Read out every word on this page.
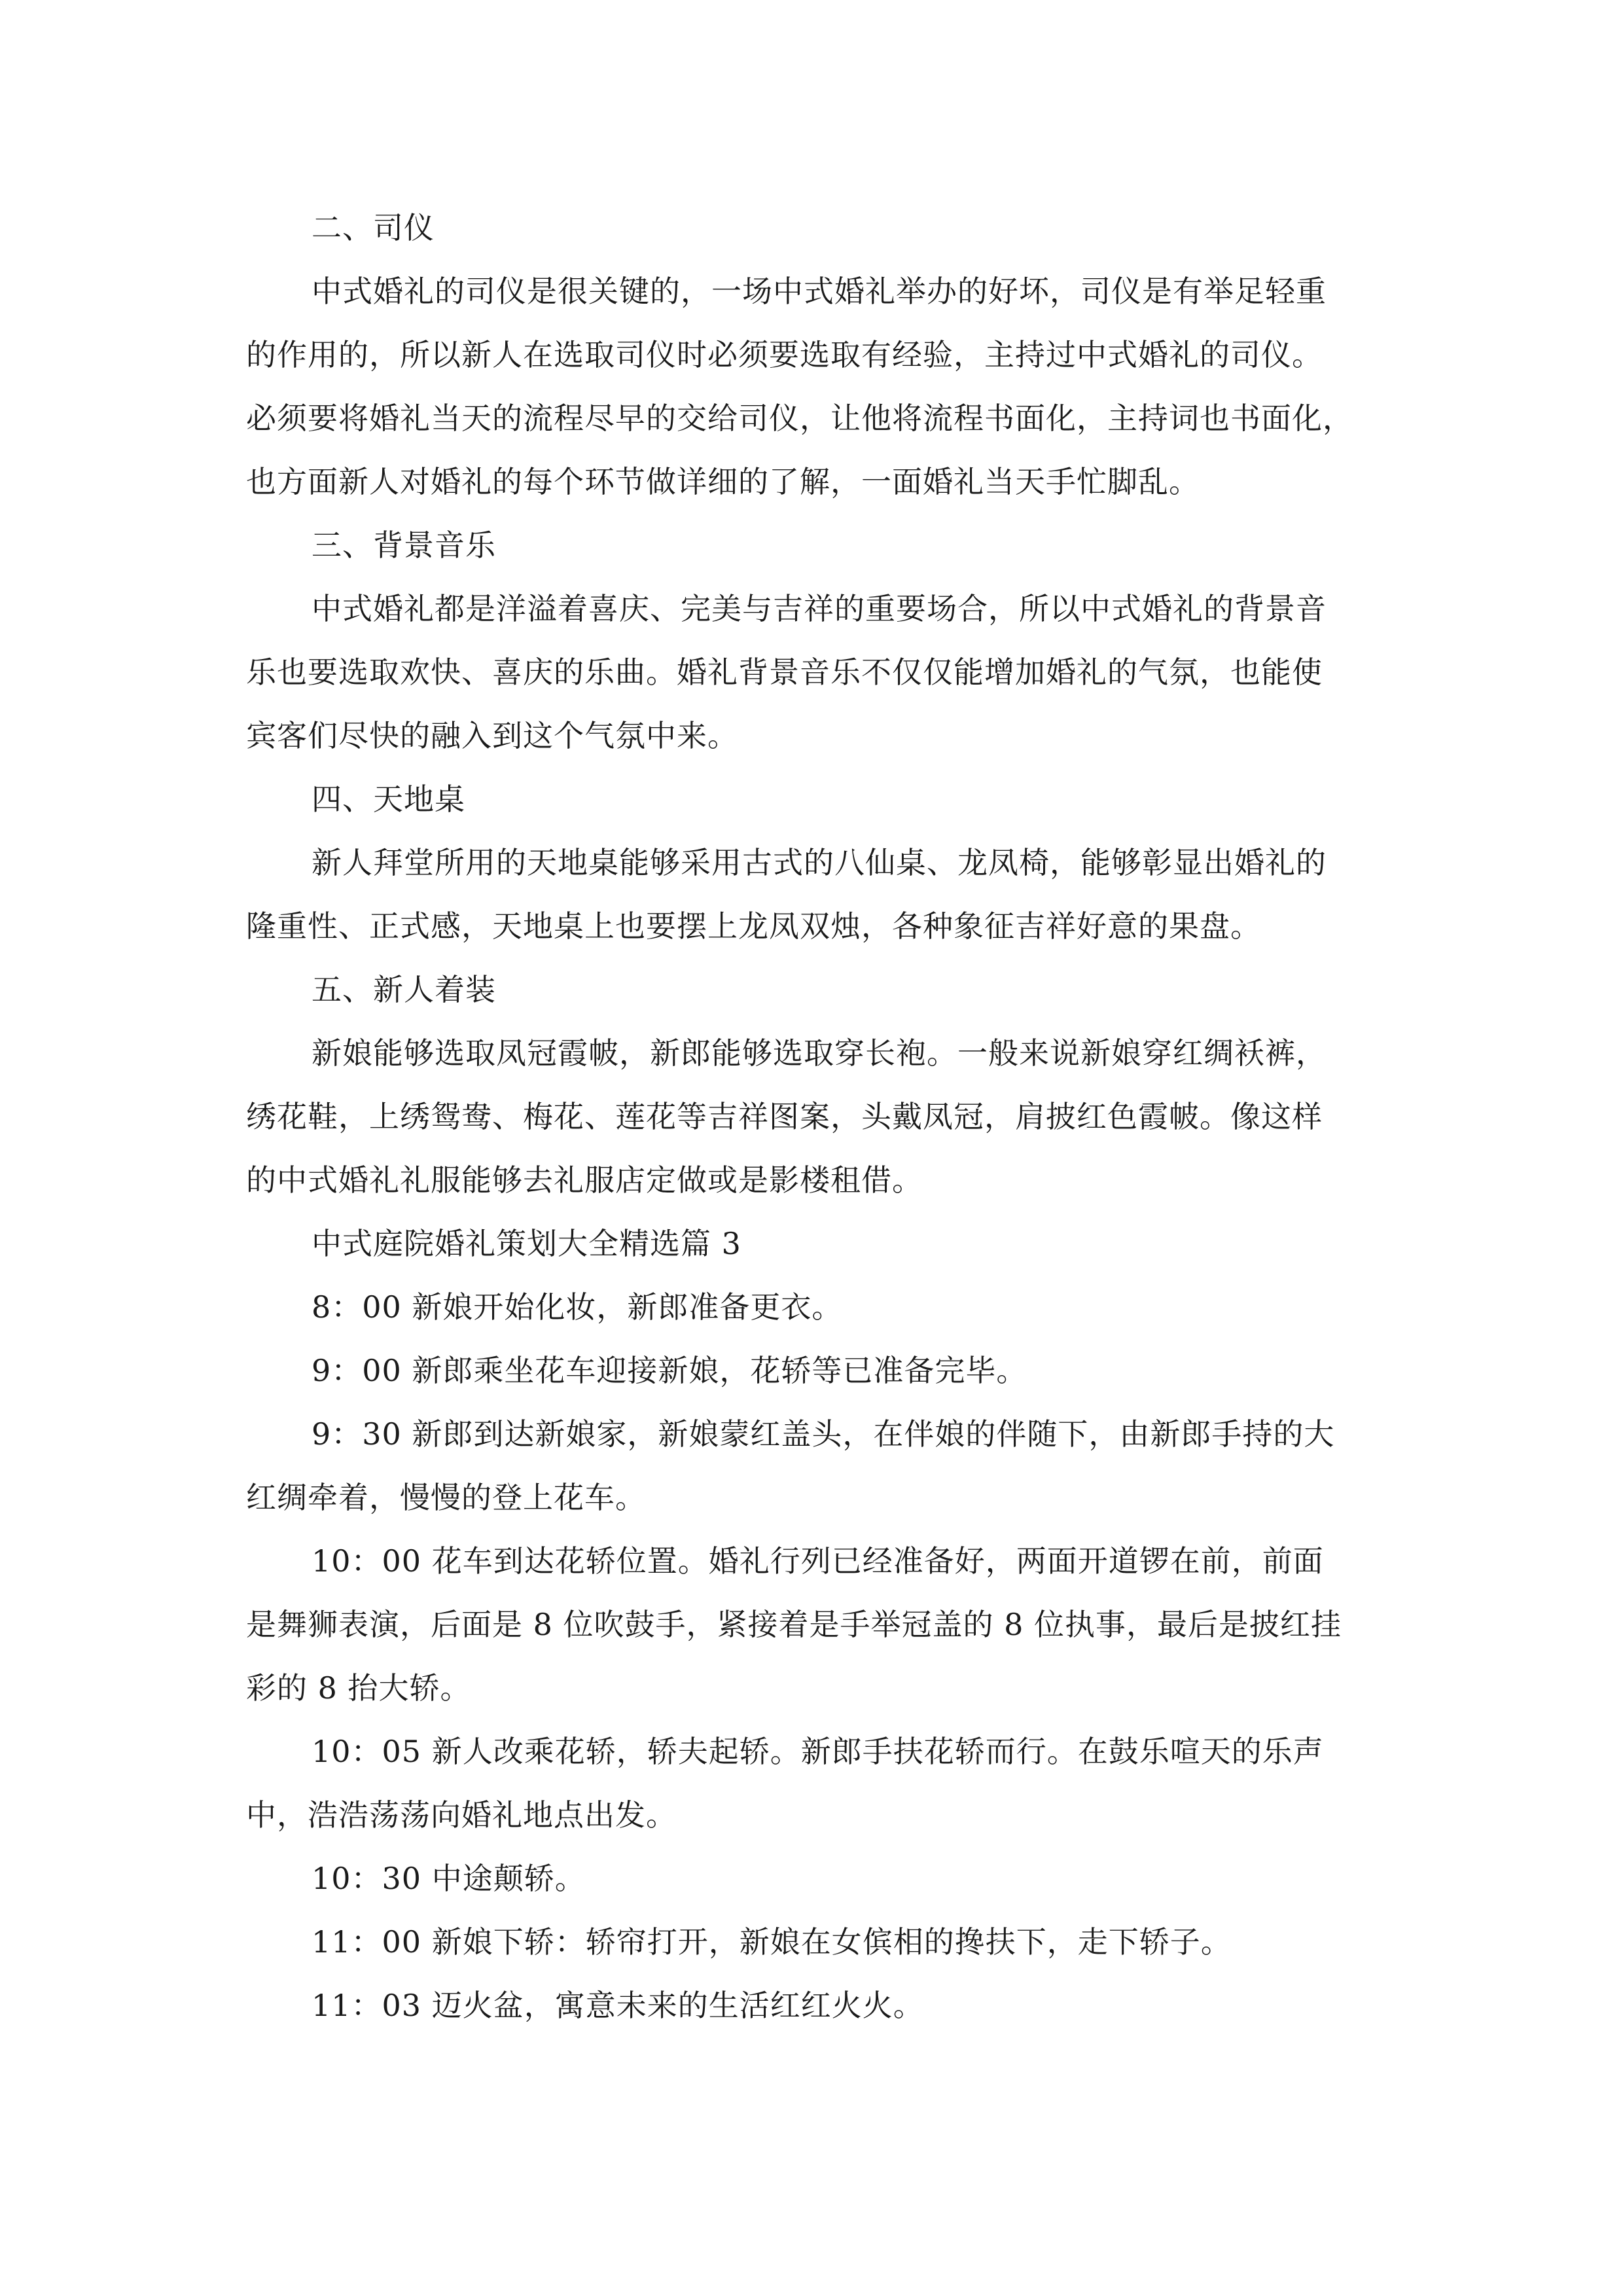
二、司仪
中式婚礼的司仪是很关键的，一场中式婚礼举办的好坏，司仪是有举足轻重
的作用的，所以新人在选取司仪时必须要选取有经验，主持过中式婚礼的司仪。
必须要将婚礼当天的流程尽早的交给司仪，让他将流程书面化，主持词也书面化，
也方面新人对婚礼的每个环节做详细的了解，一面婚礼当天手忙脚乱。
三、背景音乐
中式婚礼都是洋溢着喜庆、完美与吉祥的重要场合，所以中式婚礼的背景音
乐也要选取欢快、喜庆的乐曲。婚礼背景音乐不仅仅能增加婚礼的气氛，也能使
宾客们尽快的融入到这个气氛中来。
四、天地桌
新人拜堂所用的天地桌能够采用古式的八仙桌、龙凤椅，能够彰显出婚礼的
隆重性、正式感，天地桌上也要摆上龙凤双烛，各种象征吉祥好意的果盘。
五、新人着装
新娘能够选取凤冠霞帔，新郎能够选取穿长袍。一般来说新娘穿红绸袄裤，
绣花鞋，上绣鸳鸯、梅花、莲花等吉祥图案，头戴凤冠，肩披红色霞帔。像这样
的中式婚礼礼服能够去礼服店定做或是影楼租借。
中式庭院婚礼策划大全精选篇 3
8：00 新娘开始化妆，新郎准备更衣。
9：00 新郎乘坐花车迎接新娘，花轿等已准备完毕。
9：30 新郎到达新娘家，新娘蒙红盖头，在伴娘的伴随下，由新郎手持的大
红绸牵着，慢慢的登上花车。
10：00 花车到达花轿位置。婚礼行列已经准备好，两面开道锣在前，前面
是舞狮表演，后面是 8 位吹鼓手，紧接着是手举冠盖的 8 位执事，最后是披红挂
彩的 8 抬大轿。
10：05 新人改乘花轿，轿夫起轿。新郎手扶花轿而行。在鼓乐喧天的乐声
中，浩浩荡荡向婚礼地点出发。
10：30 中途颠轿。
11：00 新娘下轿：轿帘打开，新娘在女傧相的搀扶下，走下轿子。
11：03 迈火盆，寓意未来的生活红红火火。
